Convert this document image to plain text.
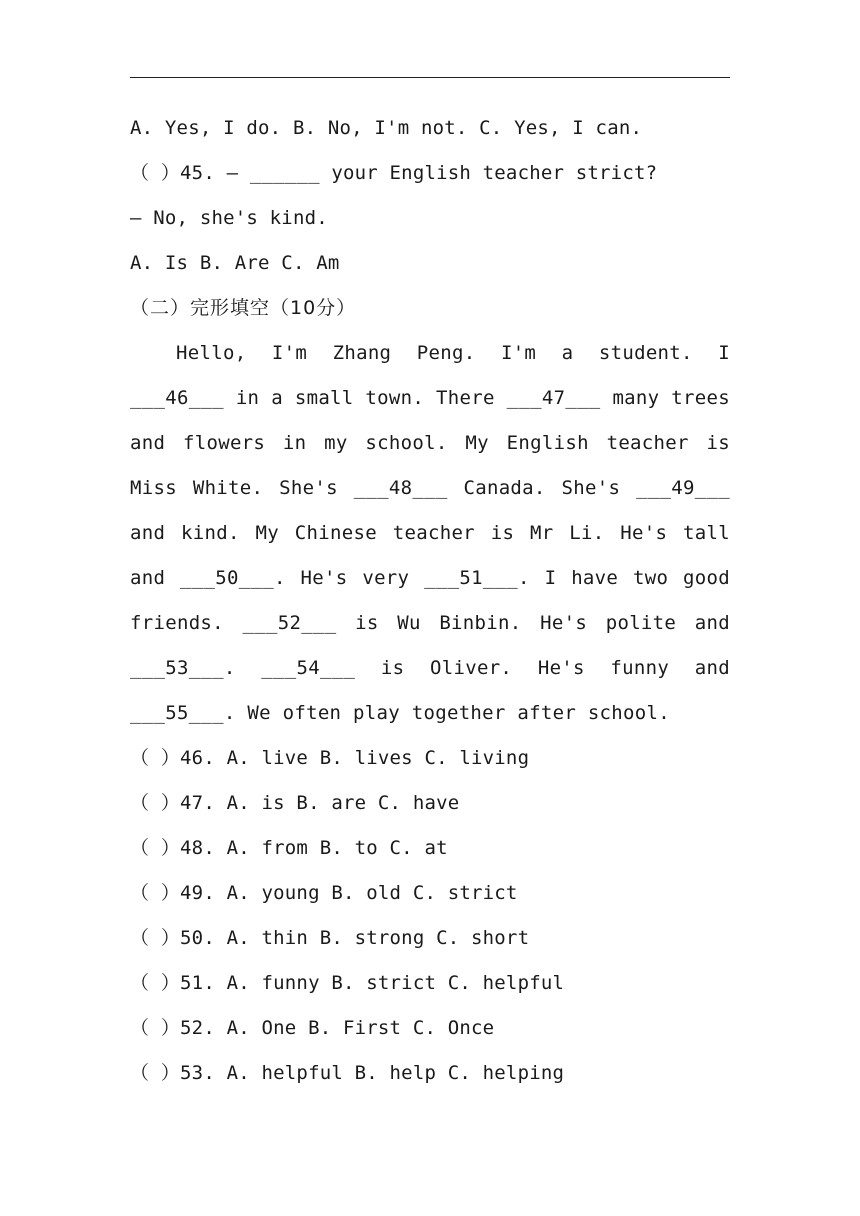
A. Yes, I do. B. No, I'm not. C. Yes, I can.
（ ）45. — ______ your English teacher strict?
— No, she's kind.
A. Is B. Are C. Am
（二）完形填空（10分）
Hello, I'm Zhang Peng. I'm a student. I ___46___ in a small town. There ___47___ many trees and flowers in my school. My English teacher is Miss White. She's ___48___ Canada. She's ___49___ and kind. My Chinese teacher is Mr Li. He's tall and ___50___. He's very ___51___. I have two good friends. ___52___ is Wu Binbin. He's polite and ___53___. ___54___ is Oliver. He's funny and ___55___. We often play together after school.
（ ）46. A. live B. lives C. living
（ ）47. A. is B. are C. have
（ ）48. A. from B. to C. at
（ ）49. A. young B. old C. strict
（ ）50. A. thin B. strong C. short
（ ）51. A. funny B. strict C. helpful
（ ）52. A. One B. First C. Once
（ ）53. A. helpful B. help C. helping
